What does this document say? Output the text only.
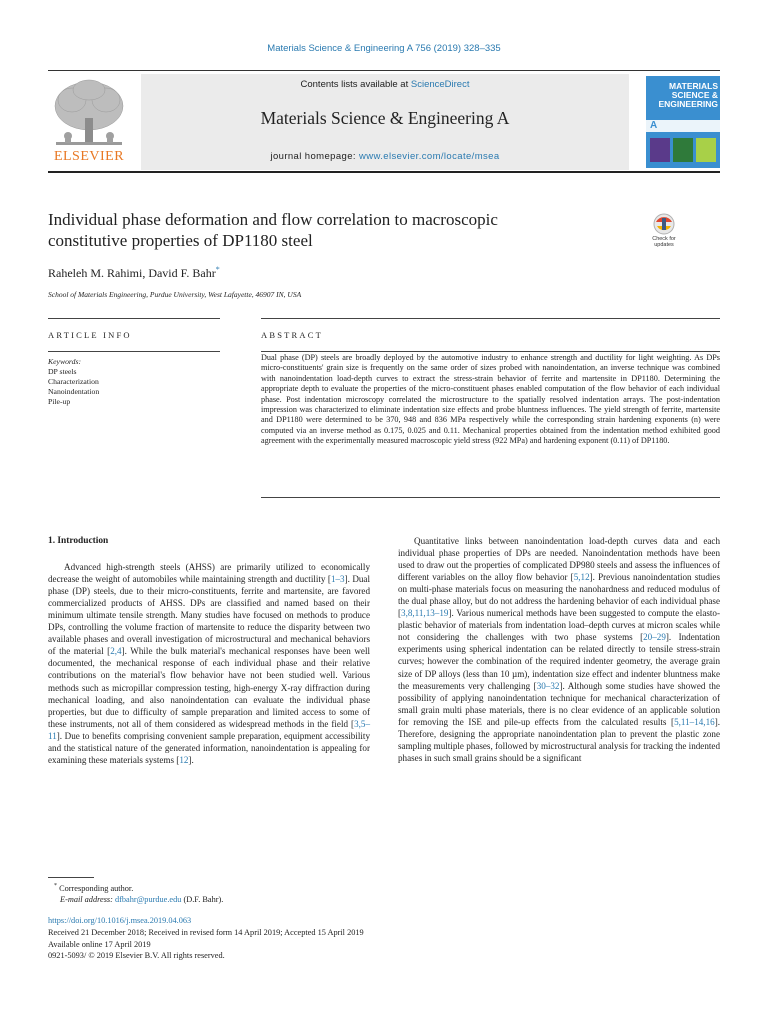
Materials Science & Engineering A 756 (2019) 328–335
ELSEVIER
Contents lists available at ScienceDirect
Materials Science & Engineering A
journal homepage: www.elsevier.com/locate/msea
MATERIALS
SCIENCE &
ENGINEERING
A
Individual phase deformation and flow correlation to macroscopic
constitutive properties of DP1180 steel	Check for updates
Raheleh M. Rahimi, David F. Bahr*
School of Materials Engineering, Purdue University, West Lafayette, 46907 IN, USA
ARTICLE INFO	ABSTRACT
Keywords:
DP steels
Characterization
Nanoindentation
Pile-up
Dual phase (DP) steels are broadly deployed by the automotive industry to enhance strength and ductility for light weighting. As DPs micro-constituents' grain size is frequently on the same order of sizes probed with nanoindentation, an inverse technique was combined with nanoindentation load-depth curves to extract the stress-strain behavior of ferrite and martensite in DP1180. Determining the appropriate depth to evaluate the properties of the micro-constituent phases enabled computation of the flow behavior of each individual phase. Post indentation microscopy correlated the microstructure to the spatially resolved indentation arrays. The post-indentation impression was characterized to eliminate indentation size effects and probe bluntness influences. The yield strength of ferrite, martensite and DP1180 were determined to be 370, 948 and 836 MPa respectively while the corresponding strain hardening exponents (n) were computed via an inverse method as 0.175, 0.025 and 0.11. Mechanical properties obtained from the indentation method exhibited good agreement with the experimentally measured macroscopic yield stress (922 MPa) and hardening exponent (0.11) of DP1180.
1. Introduction

Advanced high-strength steels (AHSS) are primarily utilized to economically decrease the weight of automobiles while maintaining strength and ductility [1–3]. Dual phase (DP) steels, due to their micro-constituents, ferrite and martensite, are favored commercialized products of AHSS. DPs are classified and named based on their minimum ultimate tensile strength. Many studies have focused on methods to produce DPs, controlling the volume fraction of martensite to reduce the disparity between two available phases and overall investigation of microstructural and mechanical behaviors of the material [2,4]. While the bulk material's mechanical responses have been well documented, the mechanical response of each individual phase and their relative contributions on the material's flow behavior have not been studied well. Various methods such as micropillar compression testing, high-energy X-ray diffraction during mechanical loading, and also nanoindentation can evaluate the individual phase properties, but due to difficulty of sample preparation and limited access to some of these instruments, not all of them considered as widespread methods in the field [3,5–11]. Due to benefits comprising convenient sample preparation, equipment accessibility and the statistical nature of the generated information, nanoindentation is appealing for examining these materials systems [12].

Quantitative links between nanoindentation load-depth curves data and each individual phase properties of DPs are needed. Nanoindentation methods have been used to draw out the properties of complicated DP980 steels and assess the influences of different variables on the alloy flow behavior [5,12]. Previous nanoindentation studies on multi-phase materials focus on measuring the nanohardness and reduced modulus of the dual phase alloy, but do not address the hardening behavior of each individual phase [3,8,11,13–19]. Various numerical methods have been suggested to compute the elasto-plastic behavior of materials from indentation load–depth curves at micron scales while not considering the challenges with two phase systems [20–29]. Indentation experiments using spherical indentation can be related directly to tensile stress-strain curves; however the combination of the required indenter geometry, the average grain size of DP alloys (less than 10 µm), indentation size effect and indenter bluntness make the measurements very challenging [30–32]. Although some studies have showed the possibility of applying nanoindentation technique for mechanical characterization of small grain multi phase materials, there is no clear evidence of an applicable solution for removing the ISE and pile-up effects from the calculated results [5,11–14,16]. Therefore, designing the appropriate nanoindentation plan to prevent the plastic zone sampling multiple phases, followed by microstructural analysis for tracking the indented phases in such small grains should be a significant

* Corresponding author.
E-mail address: dfbahr@purdue.edu (D.F. Bahr).
https://doi.org/10.1016/j.msea.2019.04.063
Received 21 December 2018; Received in revised form 14 April 2019; Accepted 15 April 2019
Available online 17 April 2019
0921-5093/ © 2019 Elsevier B.V. All rights reserved.
